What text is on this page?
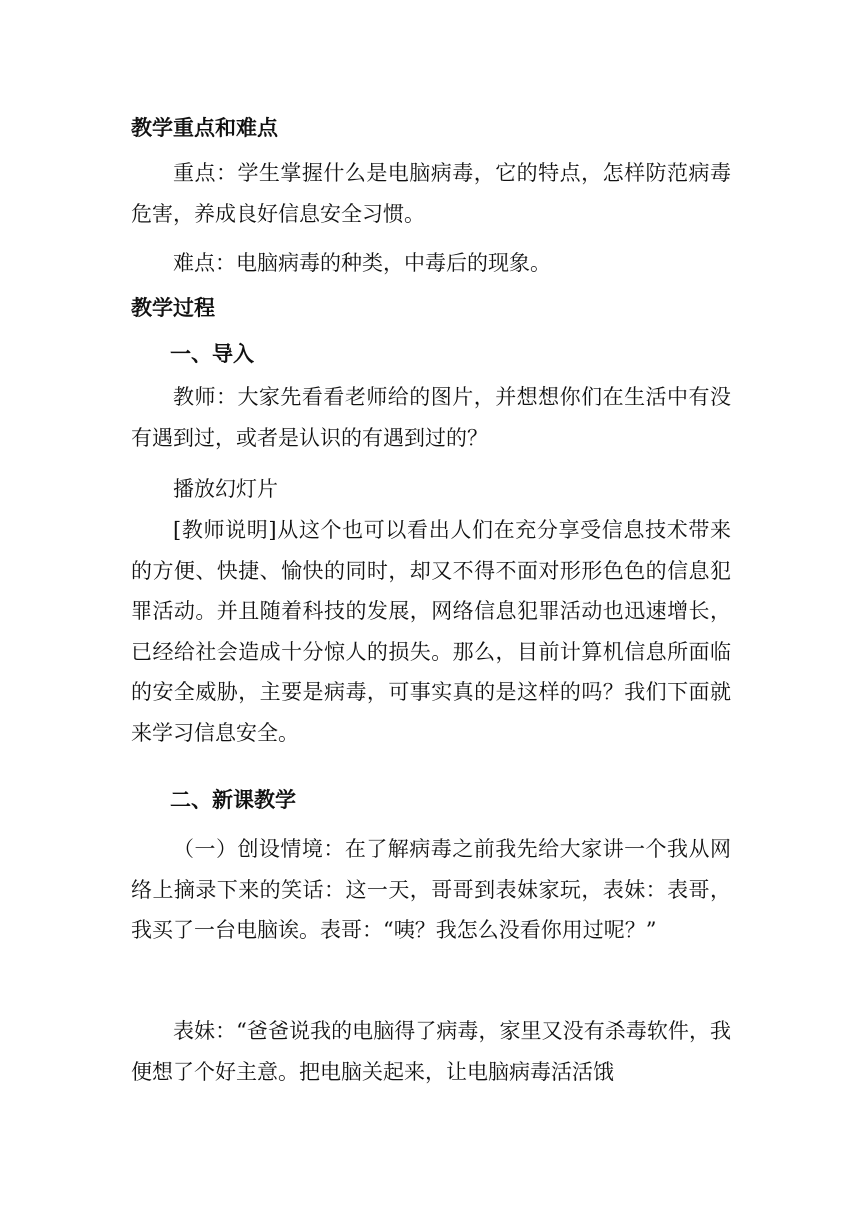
教学重点和难点
重点：学生掌握什么是电脑病毒，它的特点，怎样防范病毒危害，养成良好信息安全习惯。
难点：电脑病毒的种类，中毒后的现象。
教学过程
一、导入
教师：大家先看看老师给的图片，并想想你们在生活中有没有遇到过，或者是认识的有遇到过的？
播放幻灯片
[教师说明]从这个也可以看出人们在充分享受信息技术带来的方便、快捷、愉快的同时，却又不得不面对形形色色的信息犯罪活动。并且随着科技的发展，网络信息犯罪活动也迅速增长，已经给社会造成十分惊人的损失。那么，目前计算机信息所面临的安全威胁，主要是病毒，可事实真的是这样的吗？我们下面就来学习信息安全。
二、新课教学
（一）创设情境：在了解病毒之前我先给大家讲一个我从网络上摘录下来的笑话：这一天，哥哥到表妹家玩，表妹：表哥，我买了一台电脑诶。表哥：“咦？我怎么没看你用过呢？”
表妹：“爸爸说我的电脑得了病毒，家里又没有杀毒软件，我便想了个好主意。把电脑关起来，让电脑病毒活活饿
